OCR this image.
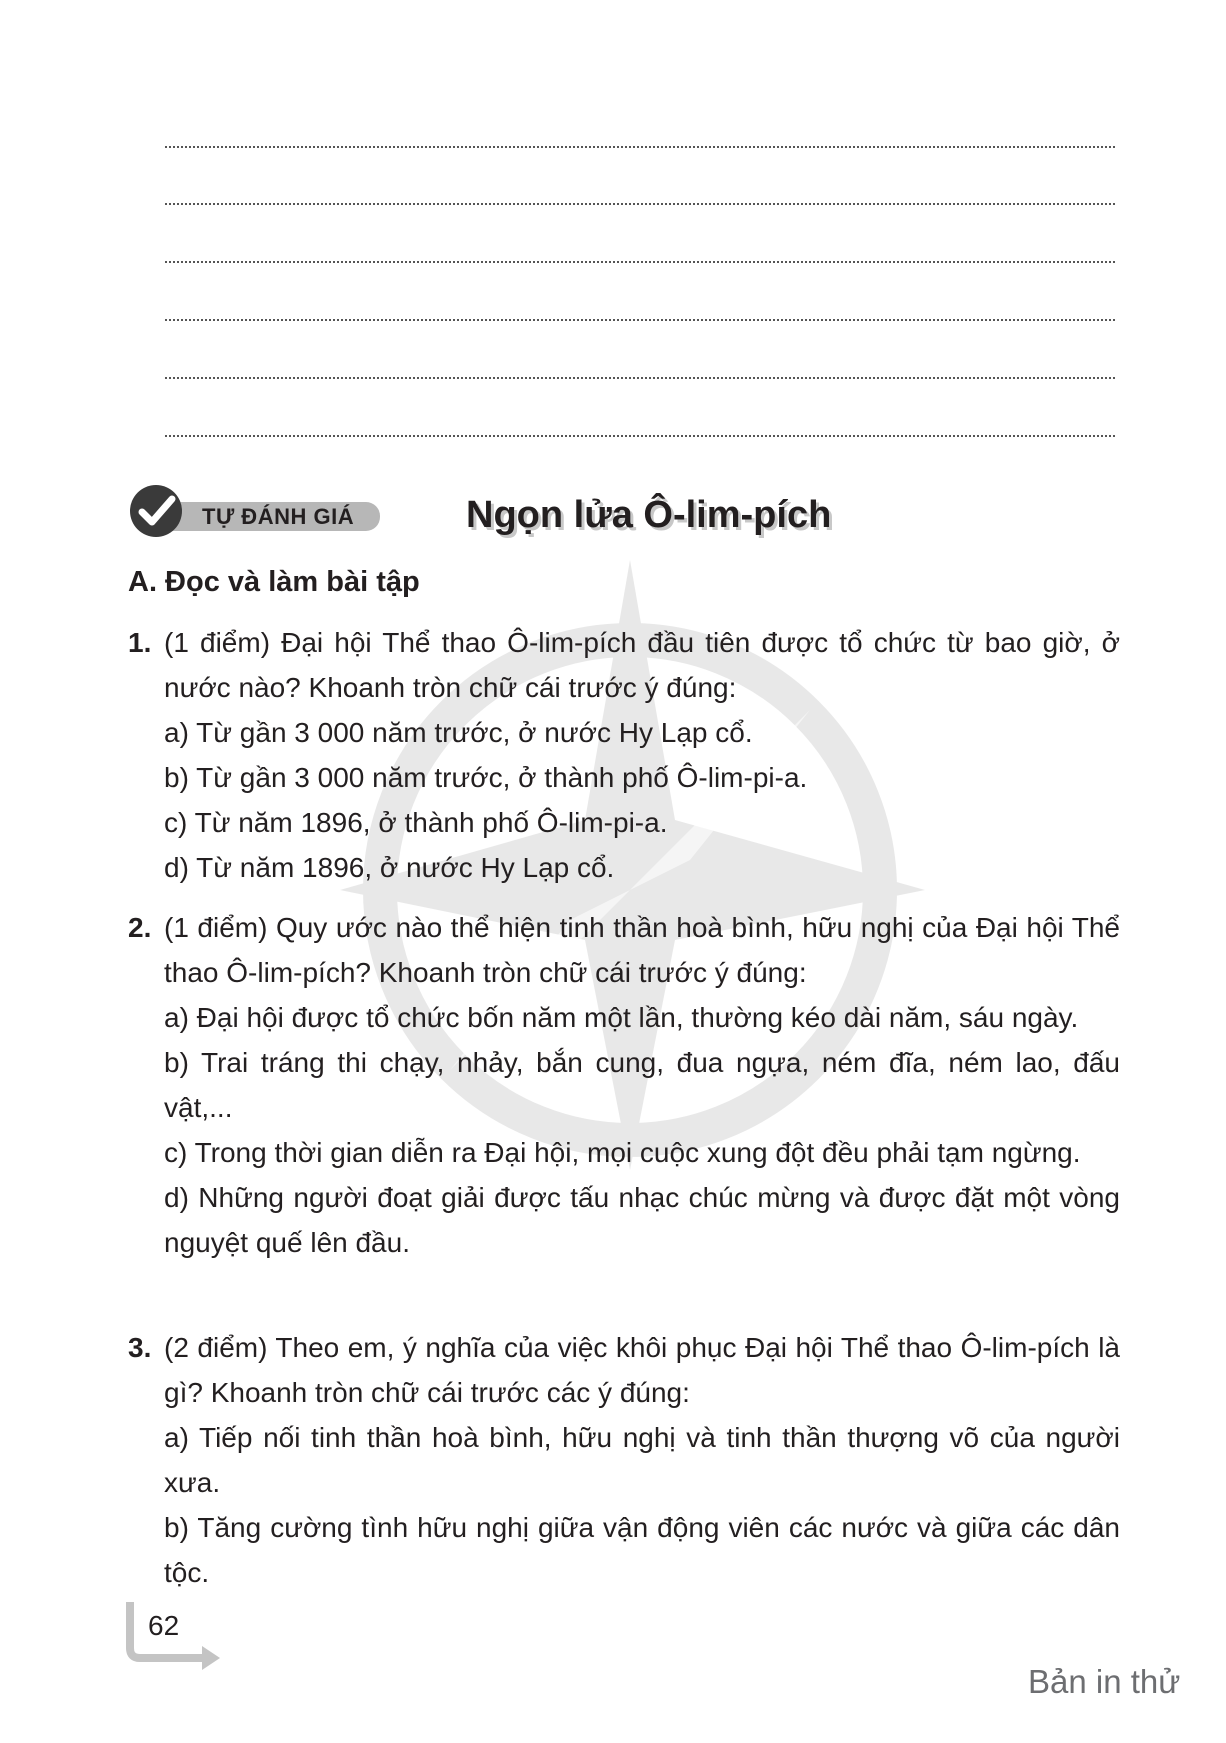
TỰ ĐÁNH GIÁ	Ngọn lửa Ô-lim-pích
A. Đọc và làm bài tập
1. (1 điểm) Đại hội Thể thao Ô-lim-pích đầu tiên được tổ chức từ bao giờ, ở nước nào? Khoanh tròn chữ cái trước ý đúng:
a) Từ gần 3 000 năm trước, ở nước Hy Lạp cổ.
b) Từ gần 3 000 năm trước, ở thành phố Ô-lim-pi-a.
c) Từ năm 1896, ở thành phố Ô-lim-pi-a.
d) Từ năm 1896, ở nước Hy Lạp cổ.
2. (1 điểm) Quy ước nào thể hiện tinh thần hoà bình, hữu nghị của Đại hội Thể thao Ô-lim-pích? Khoanh tròn chữ cái trước ý đúng:
a) Đại hội được tổ chức bốn năm một lần, thường kéo dài năm, sáu ngày.
b) Trai tráng thi chạy, nhảy, bắn cung, đua ngựa, ném đĩa, ném lao, đấu vật,...
c) Trong thời gian diễn ra Đại hội, mọi cuộc xung đột đều phải tạm ngừng.
d) Những người đoạt giải được tấu nhạc chúc mừng và được đặt một vòng nguyệt quế lên đầu.
3. (2 điểm) Theo em, ý nghĩa của việc khôi phục Đại hội Thể thao Ô-lim-pích là gì? Khoanh tròn chữ cái trước các ý đúng:
a) Tiếp nối tinh thần hoà bình, hữu nghị và tinh thần thượng võ của người xưa.
b) Tăng cường tình hữu nghị giữa vận động viên các nước và giữa các dân tộc.
62
Bản in thử
